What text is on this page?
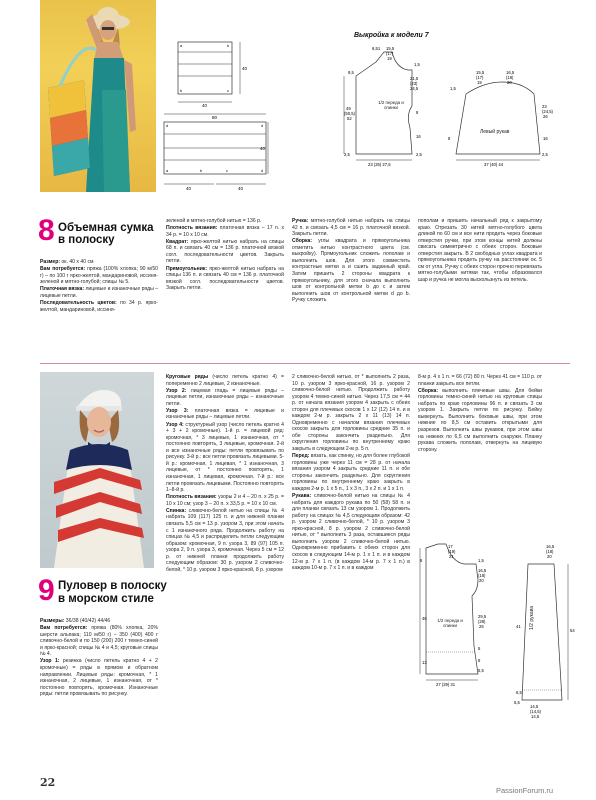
40
40
80
40
40	40
a	b
b	c
d	d
a	b	c	d
Выкройка к модели 7
6,51 15,5
(17)
19
9,5
1,5
21,5
(23)
24,5
49
(50,5)
52
8
16
2,5	2,5
23 (25) 27,5
15,5
(17)
19
16,5
(18)
20
1,5
23
(24,5)
26
16
2,5
37 (40) 44
8
1/2 переда и спинки
Левый рукав
8 Объемная сумка
в полоску

Размер: ок. 40 х 40 см

Вам потребуется: пряжа (100% хлопка; 90 м/50 г) – по 100 г ярко-желтой, мандариновой, иссиня-зеленой и мятно-голубой; спицы № 5.

Платочная вязка: лицевые и изнаночные ряды – лицевые петли.

Последовательность цветов: по 34 р. ярко-желтой, мандариновой, иссиня-

зеленой и мятно-голубой нитью = 136 р.

Плотность вязания: платочная вязка – 17 п. х 34 р. = 10 х 10 см.

Квадрат: ярко-желтой нитью набрать на спицы 68 п. и связать 40 см = 136 р. платочной вязкой согл. последовательности цветов. Закрыть петли.

Прямоугольник: ярко-желтой нитью набрать на спицы 136 п. и связать 40 см = 136 р. платочной вязкой согл. последовательности цветов. Закрыть петли.

Ручка: мятно-голубой нитью набрать на спицы 42 п. и связать 4,5 см = 16 р. платочной вязкой. Закрыть петли.

Сборка: углы квадрата и прямоугольника отметить нитью контрастного цвета (см. выкройку). Прямоугольник сложить пополам и выполнить шов. Для этого совместить контрастные метки а и сшить заданный край. Затем пришить 2 стороны квадрата к прямоугольнику, для этого сначала выполнить шов от контрольной метки b до с и затем выполнить шов от контрольной метки d до b. Ручку сложить

пополам и пришить начальный ряд к закрытому краю. Отрезать 30 нитей мятно-голубого цвета длиной по 60 см и все нити продеть через боковые отверстия ручки, при этом концы нитей должны свисать симметрично с обеих сторон. Боковые отверстия закрыть. В 2 свободных углах квадрата и прямоугольника продеть ручку на расстоянии ок. 5 см от угла. Ручку с обеих сторон прочно перевязать мятно-голубыми нитями так, чтобы образовался шар и ручка не могла выскользнуть из петель.

9 Пуловер в полоску
в морском стиле

Размеры: 36/38 (40/42) 44/46

Вам потребуется: пряжа (80% хлопка, 20% шерсти альпака; 110 м/50 г) – 350 (400) 400 г сливочно-белой и по 150 (200) 200 г темно-синей и ярко-красной; спицы № 4 и 4,5; круговые спицы № 4.

Узор 1: резинка (число петель кратно 4 + 2 кромочные) = ряды в прямом и обратном направлении. Лицевые ряды: кромочная, * 1 изнаночная, 2 лицевые, 1 изнаночная, от * постоянно повторять, кромочная. Изнаночные ряды: петли провязывать по рисунку.

Круговые ряды (число петель кратно 4) = попеременно 2 лицевые, 2 изнаночные.

Узор 2: лицевая гладь = лицевые ряды – лицевые петли, изнаночные ряды – изнаночные петли.

Узор 3: платочная вязка = лицевые и изнаночные ряды – лицевые петли.

Узор 4: структурный узор (число петель кратно 4 + 3 + 2 кромочные). 1-й р. = лицевой ряд: кромочная, * 3 лицевые, 1 изнаночная, от * постоянно повторять, 3 лицевые, кромочная. 2-й и все изнаночные ряды: петли провязывать по рисунку. 3-й р.: все петли провязать лицевыми. 5-й р.: кромочная, 1 лицевая, * 1 изнаночная, 3 лицевые, от * постоянно повторять, 1 изнаночная, 1 лицевая, кромочная. 7-й р.: все петли провязать лицевыми. Постоянно повторять 1–8-й р.

Плотность вязания: узоры 2 и 4 – 20 п. х 25 р. = 10 х 10 см; узор 3 – 20 п. х 33,5 р. = 10 х 10 см.

Спинка: сливочно-белой нитью на спицы № 4 набрать 109 (117) 125 п. и для нижней планки связать 5,5 см = 13 р. узором 3, при этом начать с 1 изнаночного ряда. Продолжить работу на спицах № 4,5 и распределить петли следующим образом: кромочная, 9 п. узора 3, 89 (97) 105 п. узора 2, 9 п. узора 3, кромочная. Через 5 см = 12 р. от нижней планки продолжить работу следующим образом: 30 р. узором 2 сливочно-белой, * 10 р. узором 3 ярко-красной, 8 р. узором

2 сливочно-белой нитью, от * выполнить 2 раза, 10 р. узором 3 ярко-красной, 16 р. узором 2 сливочно-белой нитью. Продолжить работу узором 4 темно-синей нитью. Через 17,5 см = 44 р. от начала вязания узором 4 закрыть с обеих сторон для плечевых скосов 1 х 12 (12) 14 п. и в каждом 2-м р. закрыть 2 х 11 (13) 14 п. Одновременно с началом вязания плечевых скосов закрыть для горловины средние 35 п. и обе стороны закончить раздельно. Для скругления горловины по внутреннему краю закрыть в следующем 2-м р. 5 п.

Перед: вязать, как спинку, но для более глубокой горловины уже через 11 см = 28 р. от начала вязания узором 4 закрыть средние 11 п. и обе стороны закончить раздельно. Для скругления горловины по внутреннему краю закрыть в каждом 2-м р. 1 х 5 п., 1 х 3 п., 3 х 2 п. и 1 х 1 п.

Рукава: сливочно-белой нитью на спицы № 4 набрать для каждого рукава по 50 (58) 58 п. и для планки связать 13 см узором 1. Продолжить работу на спицах № 4,5 следующим образом: 42 р. узором 2 сливочно-белой, * 10 р. узором 3 ярко-красной, 8 р. узором 2 сливочно-белой нитью, от * выполнить 3 раза, оставшиеся ряды выполнить узором 2 сливочно-белой нитью. Одновременно прибавить с обеих сторон для скосов в следующем 14-м р. 1 х 1 п. и в каждом 12-м р. 7 х 1 п. (в каждом 14-м р. 7 х 1 п.) в каждом 10-м р. 7 х 1 п. и в каждом

8-м р. 4 х 1 п. = 66 (72) 80 п. Через 41 см = 110 р. от планки закрыть все петли.

Сборка: выполнить плечевые швы. Для бейки горловины темно-синей нитью на круговые спицы набрать по краю горловины 96 п. и связать 3 см узором 1. Закрыть петли по рисунку. Бейку вывернуть. Выполнить боковые швы, при этом нижние по 8,5 см оставить открытыми для разрезов. Выполнить швы рукавов, при этом швы на нижних по 6,5 см выполнить снаружи. Планку рукава сложить пополам, отвернуть на лицевую сторону.

17
(19)
21
6	1,5
16,5
(18)
20
46	29,5
(28)
26
5
13	8
5,5
27 (29) 31
16,5
(18)
20
54
41
6,5
5,5
14,5
(14,5)
14,5
1/2 переда и спинки	1/2 рукава
22
PassionForum.ru
